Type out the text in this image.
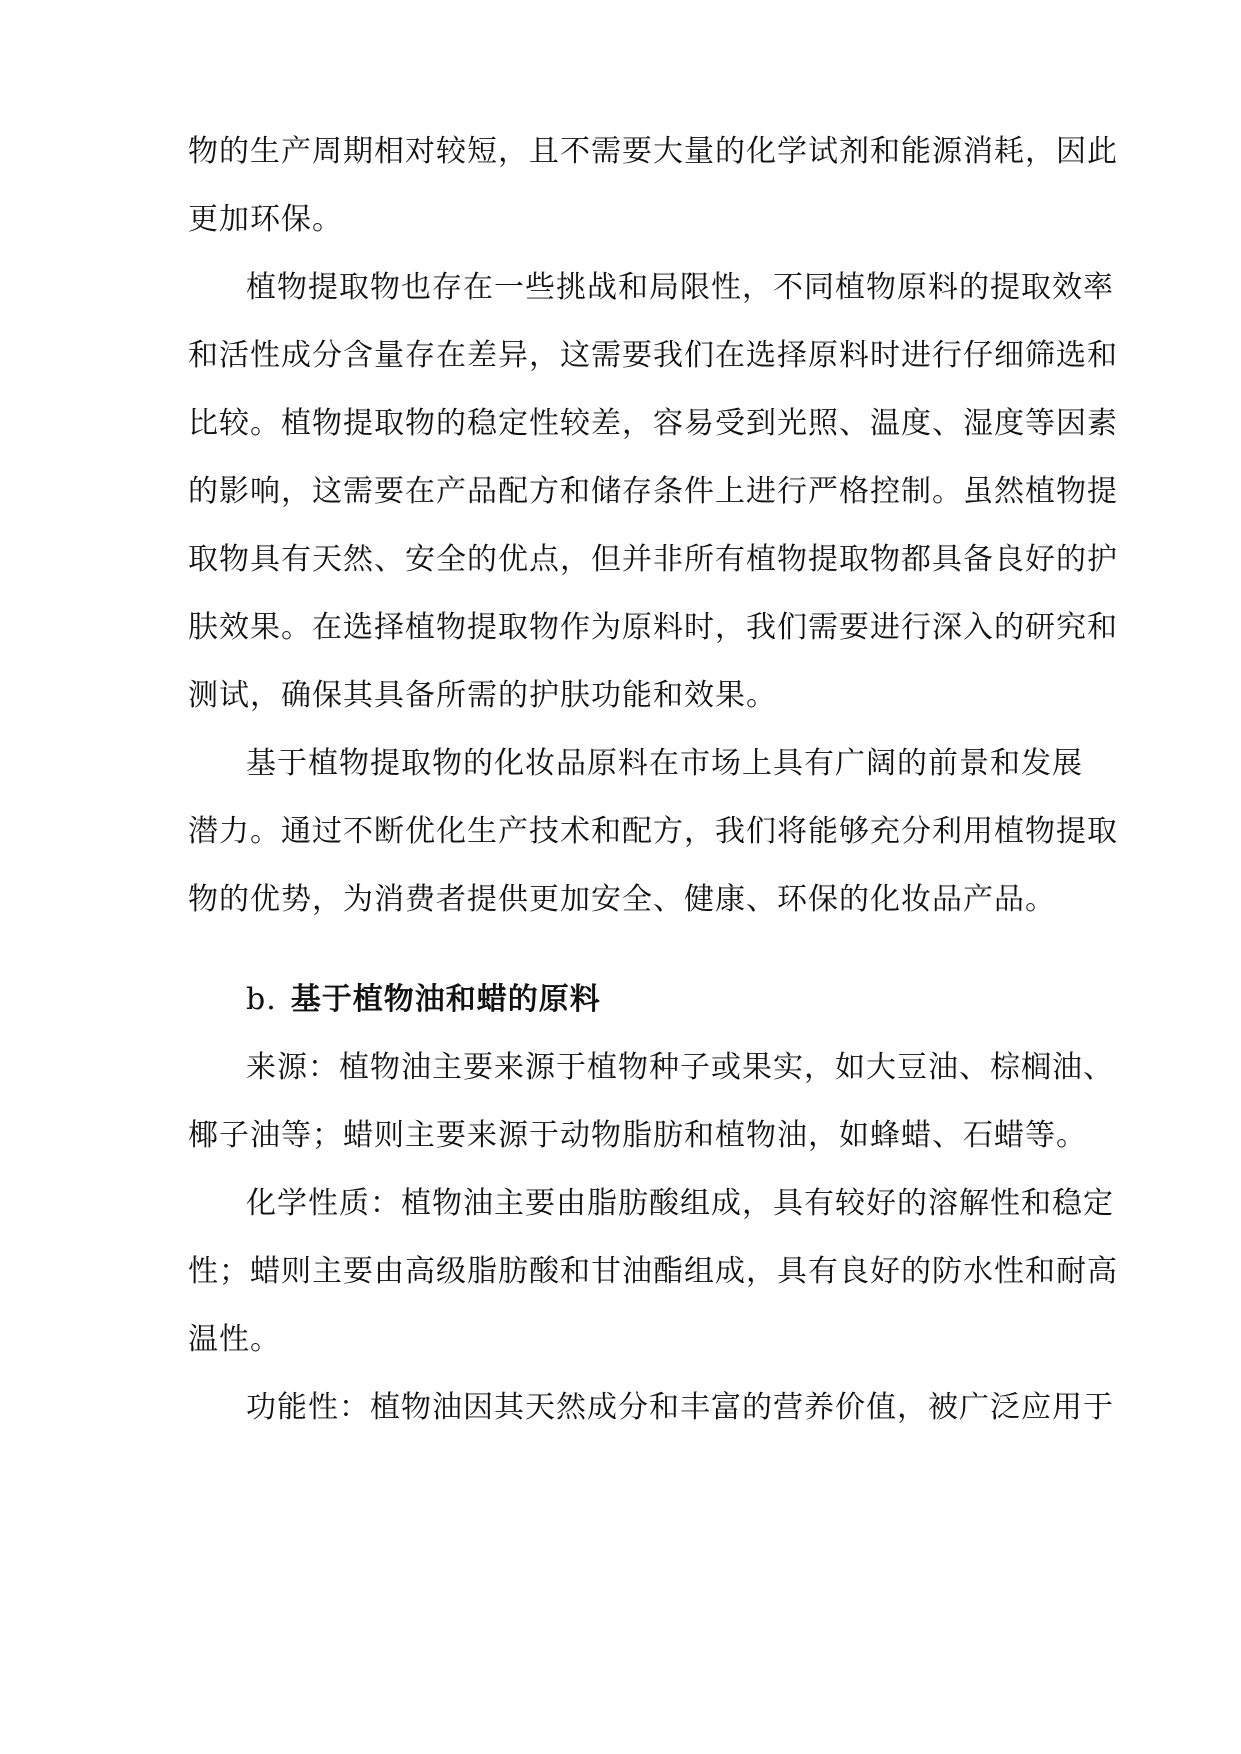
物的生产周期相对较短，且不需要大量的化学试剂和能源消耗，因此
更加环保。
植物提取物也存在一些挑战和局限性，不同植物原料的提取效率
和活性成分含量存在差异，这需要我们在选择原料时进行仔细筛选和
比较。植物提取物的稳定性较差，容易受到光照、温度、湿度等因素
的影响，这需要在产品配方和储存条件上进行严格控制。虽然植物提
取物具有天然、安全的优点，但并非所有植物提取物都具备良好的护
肤效果。在选择植物提取物作为原料时，我们需要进行深入的研究和
测试，确保其具备所需的护肤功能和效果。
基于植物提取物的化妆品原料在市场上具有广阔的前景和发展
潜力。通过不断优化生产技术和配方，我们将能够充分利用植物提取
物的优势，为消费者提供更加安全、健康、环保的化妆品产品。
b. 基于植物油和蜡的原料
来源：植物油主要来源于植物种子或果实，如大豆油、棕榈油、
椰子油等；蜡则主要来源于动物脂肪和植物油，如蜂蜡、石蜡等。
化学性质：植物油主要由脂肪酸组成，具有较好的溶解性和稳定
性；蜡则主要由高级脂肪酸和甘油酯组成，具有良好的防水性和耐高
温性。
功能性：植物油因其天然成分和丰富的营养价值，被广泛应用于
